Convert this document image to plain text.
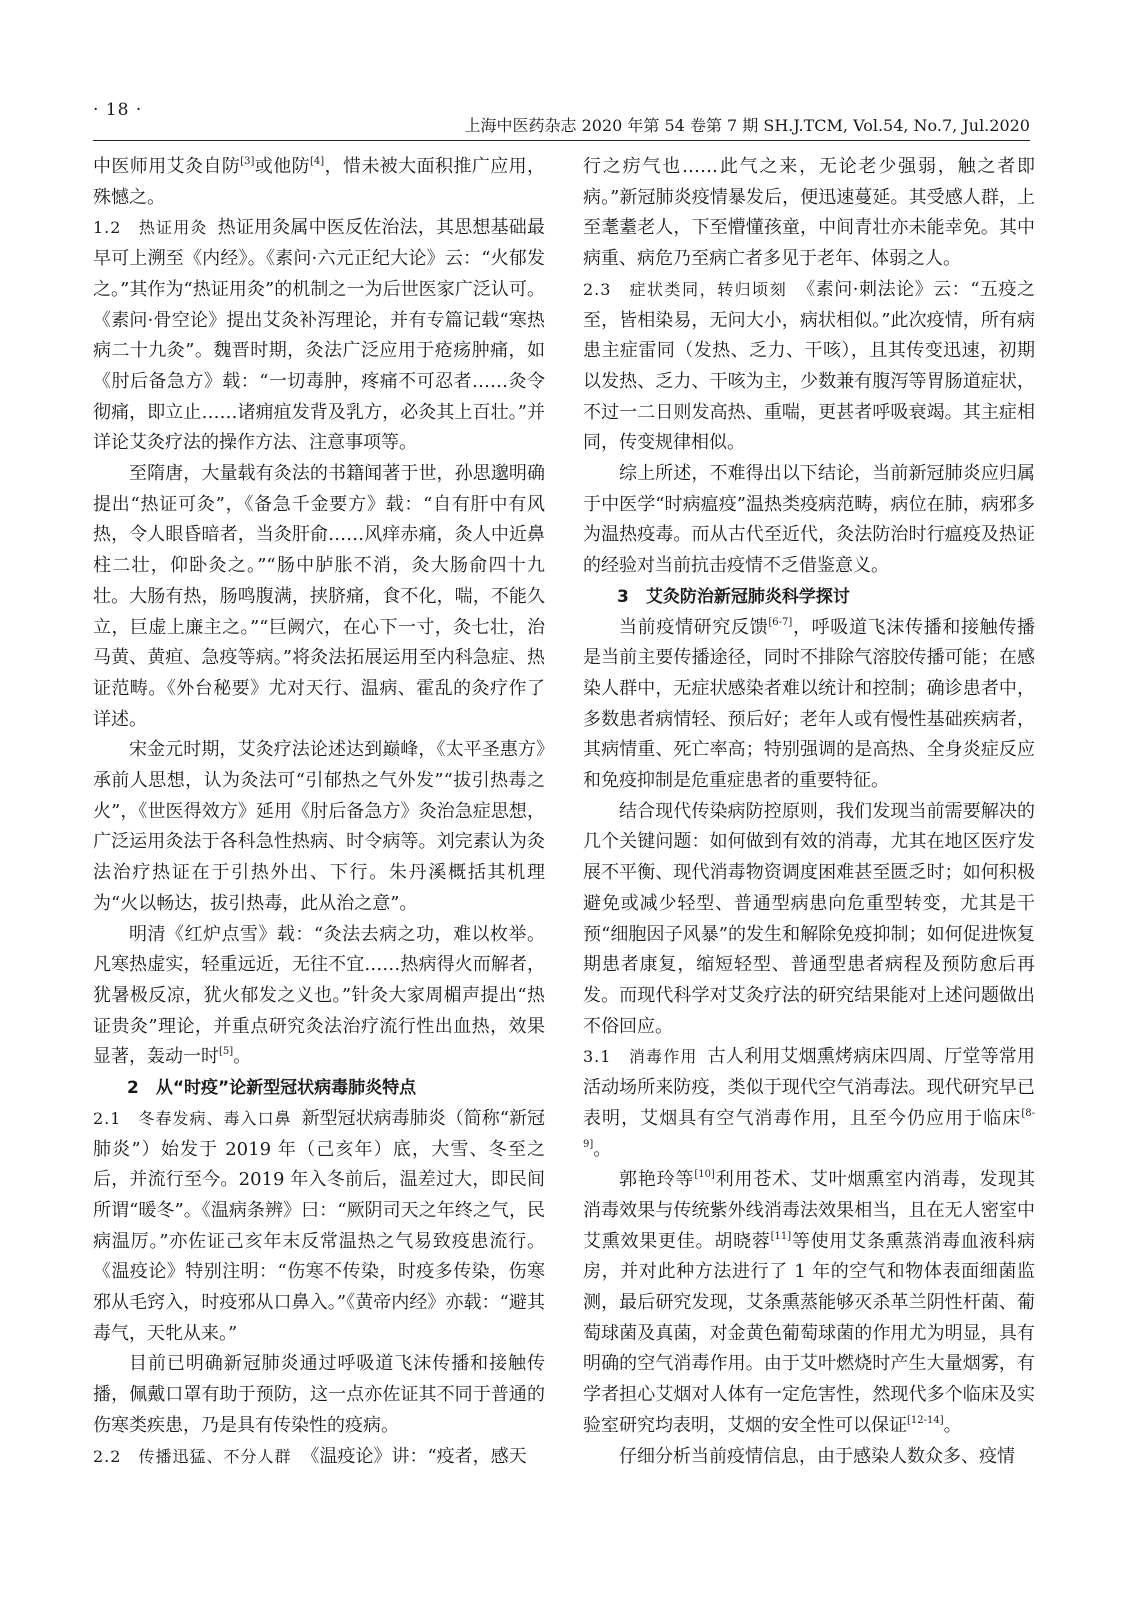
· 18 ·
上海中医药杂志 2020 年第 54 卷第 7 期 SH.J.TCM, Vol.54, No.7, Jul.2020

中医师用艾灸自防[3]或他防[4]，惜未被大面积推广应用，殊憾之。

1.2　热证用灸 热证用灸属中医反佐治法，其思想基础最早可上溯至《内经》。《素问·六元正纪大论》云：“火郁发之。”其作为“热证用灸”的机制之一为后世医家广泛认可。《素问·骨空论》提出艾灸补泻理论，并有专篇记载“寒热病二十九灸”。魏晋时期，灸法广泛应用于疮疡肿痛，如《肘后备急方》载：“一切毒肿，疼痛不可忍者……灸令彻痛，即立止……诸痈疽发背及乳方，必灸其上百壮。”并详论艾灸疗法的操作方法、注意事项等。

至隋唐，大量载有灸法的书籍闻著于世，孙思邈明确提出“热证可灸”，《备急千金要方》载：“自有肝中有风热，令人眼昏暗者，当灸肝俞……风痒赤痛，灸人中近鼻柱二壮，仰卧灸之。”“肠中胪胀不消，灸大肠俞四十九壮。大肠有热，肠鸣腹满，挟脐痛，食不化，喘，不能久立，巨虚上廉主之。”“巨阙穴，在心下一寸，灸七壮，治马黄、黄疸、急疫等病。”将灸法拓展运用至内科急症、热证范畴。《外台秘要》尤对天行、温病、霍乱的灸疗作了详述。

宋金元时期，艾灸疗法论述达到巅峰，《太平圣惠方》承前人思想，认为灸法可“引郁热之气外发”“拔引热毒之火”，《世医得效方》延用《肘后备急方》灸治急症思想，广泛运用灸法于各科急性热病、时令病等。刘完素认为灸法治疗热证在于引热外出、下行。朱丹溪概括其机理为“火以畅达，拔引热毒，此从治之意”。

明清《红炉点雪》载：“灸法去病之功，难以枚举。凡寒热虚实，轻重远近，无往不宜……热病得火而解者，犹暑极反凉，犹火郁发之义也。”针灸大家周楣声提出“热证贵灸”理论，并重点研究灸法治疗流行性出血热，效果显著，轰动一时[5]。

2　从“时疫”论新型冠状病毒肺炎特点

2.1　冬春发病、毒入口鼻 新型冠状病毒肺炎（简称“新冠肺炎”）始发于 2019 年（己亥年）底，大雪、冬至之后，并流行至今。2019 年入冬前后，温差过大，即民间所谓“暖冬”。《温病条辨》曰：“厥阴司天之年终之气，民病温厉。”亦佐证己亥年末反常温热之气易致疫患流行。《温疫论》特别注明：“伤寒不传染，时疫多传染，伤寒邪从毛窍入，时疫邪从口鼻入。”《黄帝内经》亦载：“避其毒气，天牝从来。”

目前已明确新冠肺炎通过呼吸道飞沫传播和接触传播，佩戴口罩有助于预防，这一点亦佐证其不同于普通的伤寒类疾患，乃是具有传染性的疫病。

2.2　传播迅猛、不分人群 《温疫论》讲：“疫者，感天

行之疠气也……此气之来，无论老少强弱，触之者即病。”新冠肺炎疫情暴发后，便迅速蔓延。其受感人群，上至耄耋老人，下至懵懂孩童，中间青壮亦未能幸免。其中病重、病危乃至病亡者多见于老年、体弱之人。

2.3　症状类同，转归顷刻 《素问·刺法论》云：“五疫之至，皆相染易，无问大小，病状相似。”此次疫情，所有病患主症雷同（发热、乏力、干咳），且其传变迅速，初期以发热、乏力、干咳为主，少数兼有腹泻等胃肠道症状，不过一二日则发高热、重喘，更甚者呼吸衰竭。其主症相同，传变规律相似。

综上所述，不难得出以下结论，当前新冠肺炎应归属于中医学“时病瘟疫”温热类疫病范畴，病位在肺，病邪多为温热疫毒。而从古代至近代，灸法防治时行瘟疫及热证的经验对当前抗击疫情不乏借鉴意义。

3　艾灸防治新冠肺炎科学探讨

当前疫情研究反馈[6-7]，呼吸道飞沫传播和接触传播是当前主要传播途径，同时不排除气溶胶传播可能；在感染人群中，无症状感染者难以统计和控制；确诊患者中，多数患者病情轻、预后好；老年人或有慢性基础疾病者，其病情重、死亡率高；特别强调的是高热、全身炎症反应和免疫抑制是危重症患者的重要特征。

结合现代传染病防控原则，我们发现当前需要解决的几个关键问题：如何做到有效的消毒，尤其在地区医疗发展不平衡、现代消毒物资调度困难甚至匮乏时；如何积极避免或减少轻型、普通型病患向危重型转变，尤其是干预“细胞因子风暴”的发生和解除免疫抑制；如何促进恢复期患者康复，缩短轻型、普通型患者病程及预防愈后再发。而现代科学对艾灸疗法的研究结果能对上述问题做出不俗回应。

3.1　消毒作用 古人利用艾烟熏烤病床四周、厅堂等常用活动场所来防疫，类似于现代空气消毒法。现代研究早已表明，艾烟具有空气消毒作用，且至今仍应用于临床[8-9]。

郭艳玲等[10]利用苍术、艾叶烟熏室内消毒，发现其消毒效果与传统紫外线消毒法效果相当，且在无人密室中艾熏效果更佳。胡晓蓉[11]等使用艾条熏蒸消毒血液科病房，并对此种方法进行了 1 年的空气和物体表面细菌监测，最后研究发现，艾条熏蒸能够灭杀革兰阴性杆菌、葡萄球菌及真菌，对金黄色葡萄球菌的作用尤为明显，具有明确的空气消毒作用。由于艾叶燃烧时产生大量烟雾，有学者担心艾烟对人体有一定危害性，然现代多个临床及实验室研究均表明，艾烟的安全性可以保证[12-14]。

仔细分析当前疫情信息，由于感染人数众多、疫情
